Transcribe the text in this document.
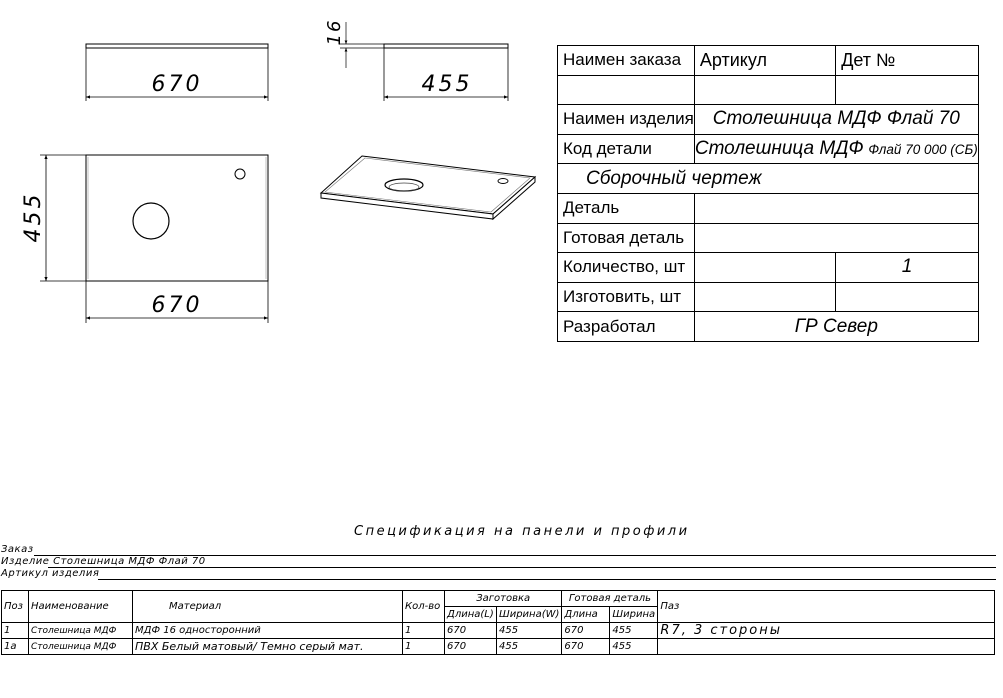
670	455
16
455
670
Наимен заказа	Артикул	Дет №

Наимен изделия	Столешница МДФ Флай 70	
Код детали	Столешница МДФ Флай 70 000 (СБ)	
Сборочный чертеж		
Деталь		
Готовая деталь		
Количество, шт		1
Изготовить, шт		
Разработал	ГР Север	
Спецификация на панели и профили
Заказ
Изделие Столешница МДФ Флай 70
Артикул изделия
Поз	Наименование	Материал	Кол-во	Заготовка		Готовая деталь		Паз
				Длина(L)	Ширина(W)	Длина	Ширина	
1	Столешница МДФ	МДФ 16 односторонний	1	670	455	670	455	R7, 3 стороны
1а	Столешница МДФ	ПВХ Белый матовый/ Темно серый мат.	1	670	455	670	455	
